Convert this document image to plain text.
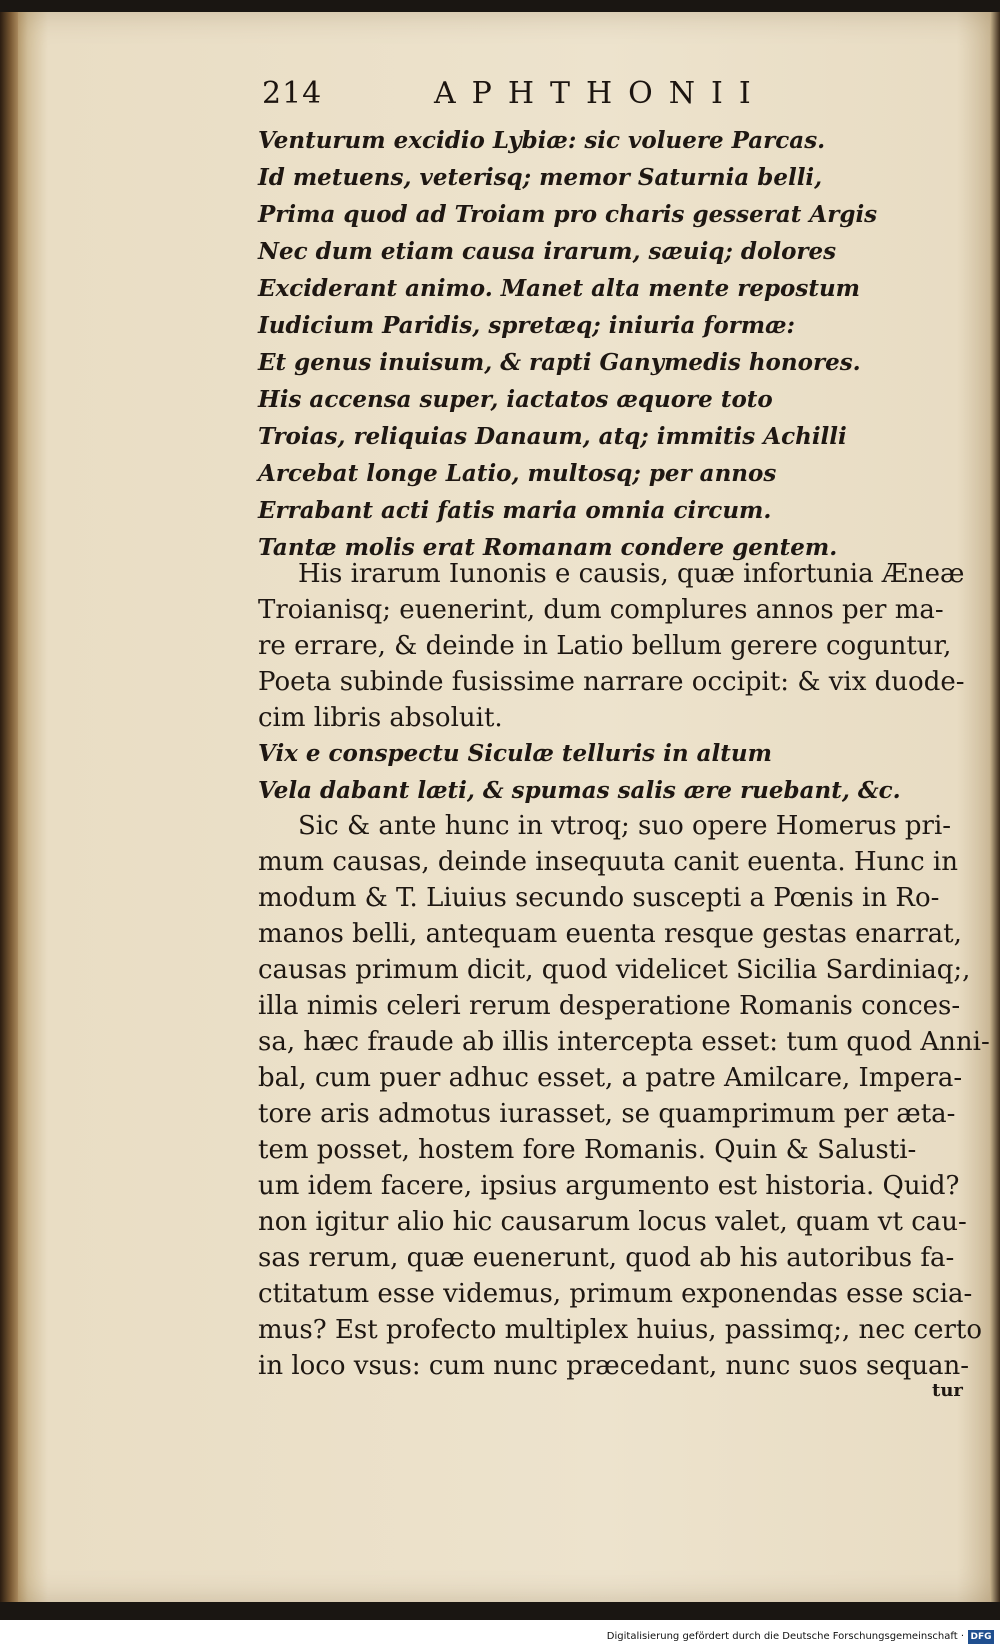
214	APHTHONII
Venturum excidio Lybiæ: sic voluere Parcas.
Id metuens, veterisq; memor Saturnia belli,
Prima quod ad Troiam pro charis gesserat Argis
Nec dum etiam causa irarum, sæuiq; dolores
Exciderant animo. Manet alta mente repostum
Iudicium Paridis, spretæq; iniuria formæ:
Et genus inuisum, & rapti Ganymedis honores.
His accensa super, iactatos æquore toto
Troias, reliquias Danaum, atq; immitis Achilli
Arcebat longe Latio, multosq; per annos
Errabant acti fatis maria omnia circum.
Tantæ molis erat Romanam condere gentem.
His irarum Iunonis e causis, quæ infortunia Æneæ
Troianisq; euenerint, dum complures annos per ma-
re errare, & deinde in Latio bellum gerere coguntur,
Poeta subinde fusissime narrare occipit: & vix duode-
cim libris absoluit.
Vix e conspectu Siculæ telluris in altum
Vela dabant læti, & spumas salis ære ruebant, &c.
Sic & ante hunc in vtroq; suo opere Homerus pri-
mum causas, deinde insequuta canit euenta. Hunc in
modum & T. Liuius secundo suscepti a Pœnis in Ro-
manos belli, antequam euenta resque gestas enarrat,
causas primum dicit, quod videlicet Sicilia Sardiniaq;,
illa nimis celeri rerum desperatione Romanis conces-
sa, hæc fraude ab illis intercepta esset: tum quod Anni-
bal, cum puer adhuc esset, a patre Amilcare, Impera-
tore aris admotus iurasset, se quamprimum per æta-
tem posset, hostem fore Romanis. Quin & Salusti-
um idem facere, ipsius argumento est historia. Quid?
non igitur alio hic causarum locus valet, quam vt cau-
sas rerum, quæ euenerunt, quod ab his autoribus fa-
ctitatum esse videmus, primum exponendas esse scia-
mus? Est profecto multiplex huius, passimq;, nec certo
in loco vsus: cum nunc præcedant, nunc suos sequan-
tur
Digitalisierung gefördert durch die Deutsche Forschungsgemeinschaft · DFG
